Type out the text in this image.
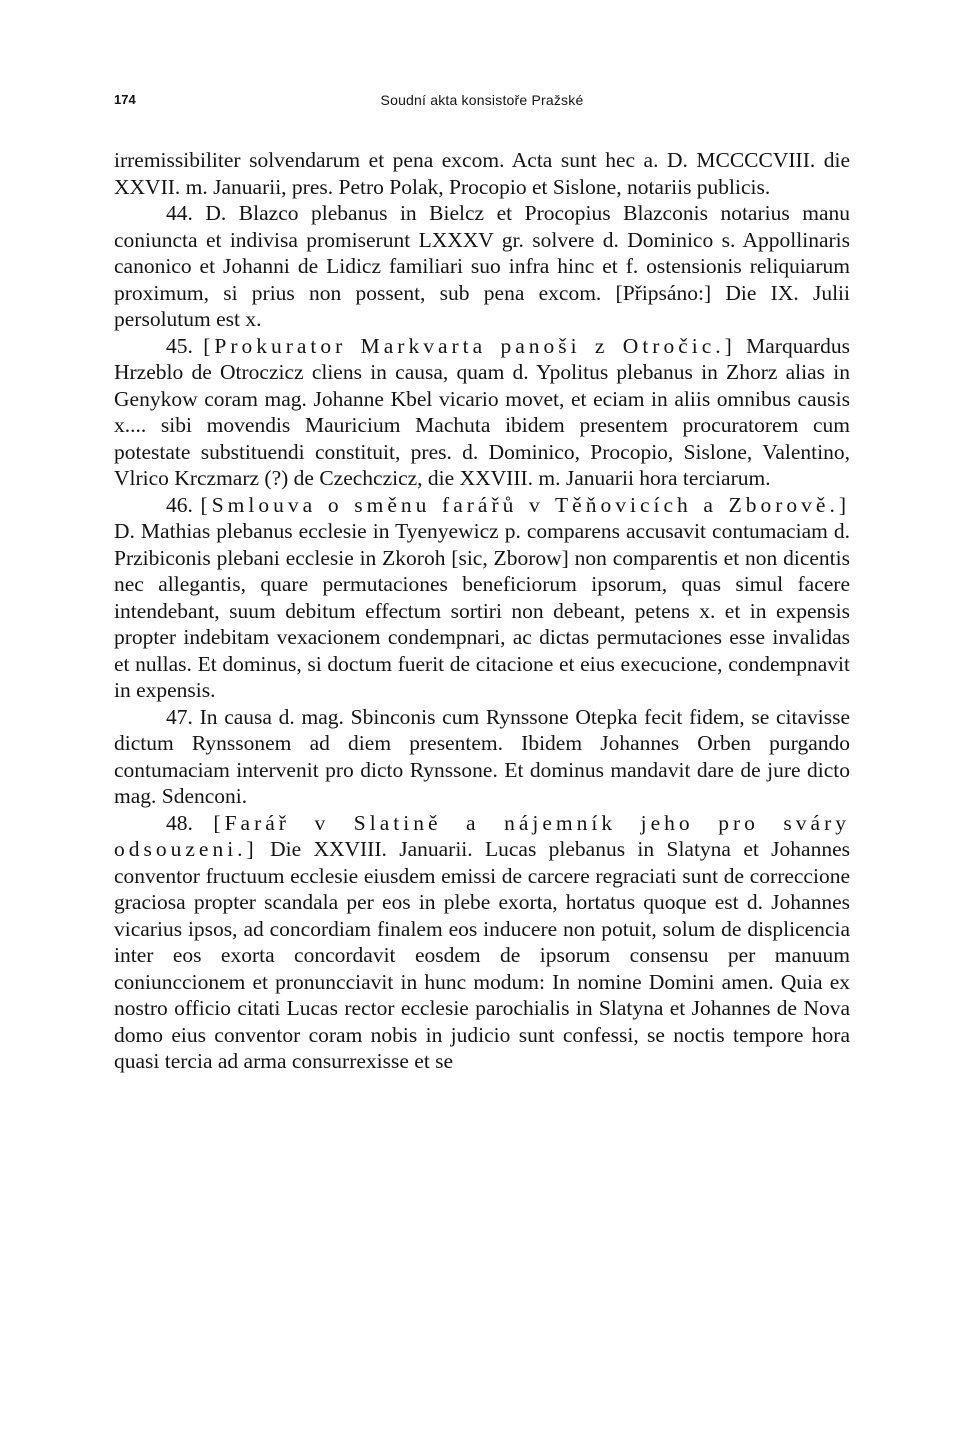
174	Soudní akta konsistoře Pražské

irremissibiliter solvendarum et pena excom. Acta sunt hec a. D. MCCCCVIII. die XXVII. m. Januarii, pres. Petro Polak, Procopio et Sislone, notariis publicis.

44. D. Blazco plebanus in Bielcz et Procopius Blazconis notarius manu coniuncta et indivisa promiserunt LXXXV gr. solvere d. Dominico s. Appollinaris canonico et Johanni de Lidicz familiari suo infra hinc et f. ostensionis reliquiarum proximum, si prius non possent, sub pena excom. [Připsáno:] Die IX. Julii persolutum est x.

45. [Prokurator Markvarta panoši z Otročic.] Marquardus Hrzeblo de Otroczicz cliens in causa, quam d. Ypolitus plebanus in Zhorz alias in Genykow coram mag. Johanne Kbel vicario movet, et eciam in aliis omnibus causis x.... sibi movendis Mauricium Machuta ibidem presentem procuratorem cum potestate substituendi constituit, pres. d. Dominico, Procopio, Sislone, Valentino, Vlrico Krczmarz (?) de Czechczicz, die XXVIII. m. Januarii hora terciarum.

46. [Smlouva o směnu farářů v Těňovicích a Zborově.] D. Mathias plebanus ecclesie in Tyenyewicz p. comparens accusavit contumaciam d. Przibiconis plebani ecclesie in Zkoroh [sic, Zborow] non comparentis et non dicentis nec allegantis, quare permutaciones beneficiorum ipsorum, quas simul facere intendebant, suum debitum effectum sortiri non debeant, petens x. et in expensis propter indebitam vexacionem condempnari, ac dictas permutaciones esse invalidas et nullas. Et dominus, si doctum fuerit de citacione et eius execucione, condempnavit in expensis.

47. In causa d. mag. Sbinconis cum Rynssone Otepka fecit fidem, se citavisse dictum Rynssonem ad diem presentem. Ibidem Johannes Orben purgando contumaciam intervenit pro dicto Rynssone. Et dominus mandavit dare de jure dicto mag. Sdenconi.

48. [Farář v Slatině a nájemník jeho pro sváry odsouzeni.] Die XXVIII. Januarii. Lucas plebanus in Slatyna et Johannes conventor fructuum ecclesie eiusdem emissi de carcere regraciati sunt de correccione graciosa propter scandala per eos in plebe exorta, hortatus quoque est d. Johannes vicarius ipsos, ad concordiam finalem eos inducere non potuit, solum de displicencia inter eos exorta concordavit eosdem de ipsorum consensu per manuum coniunccionem et pronuncciavit in hunc modum: In nomine Domini amen. Quia ex nostro officio citati Lucas rector ecclesie parochialis in Slatyna et Johannes de Nova domo eius conventor coram nobis in judicio sunt confessi, se noctis tempore hora quasi tercia ad arma consurrexisse et se
